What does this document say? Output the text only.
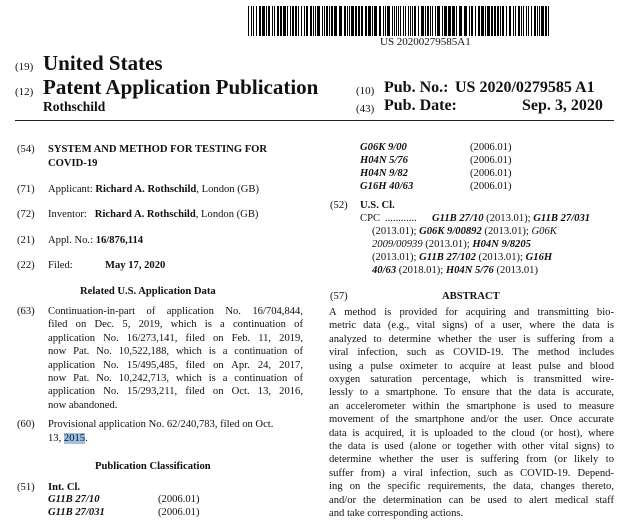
US 20200279585A1
(19) United States
(12) Patent Application Publication
Rothschild
(10) Pub. No.: US 2020/0279585 A1
(43) Pub. Date:	Sep. 3, 2020
(54) SYSTEM AND METHOD FOR TESTING FOR
COVID-19
(71) Applicant: Richard A. Rothschild, London (GB)
(72) Inventor: Richard A. Rothschild, London (GB)
(21) Appl. No.: 16/876,114
(22) Filed:	May 17, 2020
Related U.S. Application Data
(63) Continuation-in-part of application No. 16/704,844,
filed on Dec. 5, 2019, which is a continuation of
application No. 16/273,141, filed on Feb. 11, 2019,
now Pat. No. 10,522,188, which is a continuation of
application No. 15/495,485, filed on Apr. 24, 2017,
now Pat. No. 10,242,713, which is a continuation of
application No. 15/293,211, filed on Oct. 13, 2016,
now abandoned.
(60) Provisional application No. 62/240,783, filed on Oct.
13, 2015.
Publication Classification
(51) Int. Cl.
G11B 27/10	(2006.01)
G11B 27/031	(2006.01)
G06K 9/00	(2006.01)
H04N 5/76	(2006.01)
H04N 9/82	(2006.01)
G16H 40/63	(2006.01)
(52) U.S. Cl.
CPC ............ G11B 27/10 (2013.01); G11B 27/031
(2013.01); G06K 9/00892 (2013.01); G06K
2009/00939 (2013.01); H04N 9/8205
(2013.01); G11B 27/102 (2013.01); G16H
40/63 (2018.01); H04N 5/76 (2013.01)
(57)	ABSTRACT
A method is provided for acquiring and transmitting bio-
metric data (e.g., vital signs) of a user, where the data is
analyzed to determine whether the user is suffering from a
viral infection, such as COVID-19. The method includes
using a pulse oximeter to acquire at least pulse and blood
oxygen saturation percentage, which is transmitted wire-
lessly to a smartphone. To ensure that the data is accurate,
an accelerometer within the smartphone is used to measure
movement of the smartphone and/or the user. Once accurate
data is acquired, it is uploaded to the cloud (or host), where
the data is used (alone or together with other vital signs) to
determine whether the user is suffering from (or likely to
suffer from) a viral infection, such as COVID-19. Depend-
ing on the specific requirements, the data, changes thereto,
and/or the determination can be used to alert medical staff
and take corresponding actions.
